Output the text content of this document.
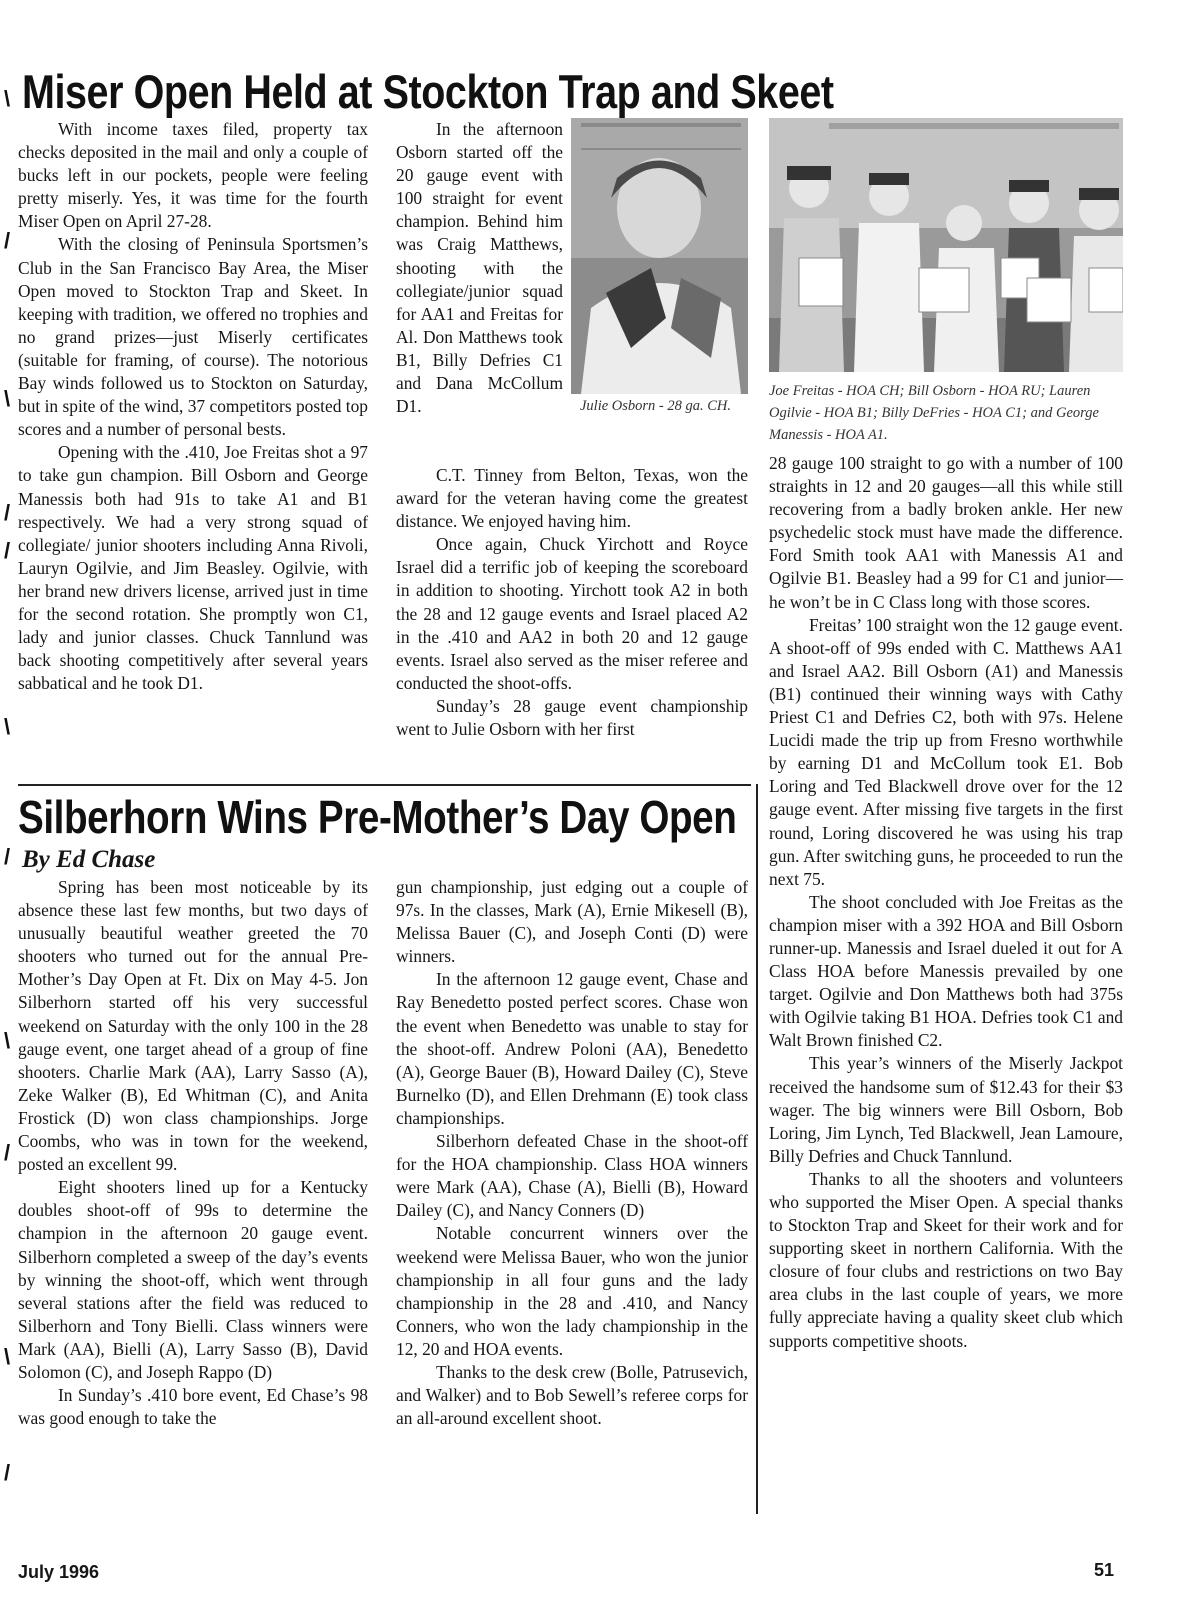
Miser Open Held at Stockton Trap and Skeet

With income taxes filed, property tax checks deposited in the mail and only a couple of bucks left in our pockets, people were feeling pretty miserly. Yes, it was time for the fourth Miser Open on April 27-28.

With the closing of Peninsula Sportsmen’s Club in the San Francisco Bay Area, the Miser Open moved to Stockton Trap and Skeet. In keeping with tradition, we offered no trophies and no grand prizes—just Miserly certificates (suitable for framing, of course). The notorious Bay winds followed us to Stockton on Saturday, but in spite of the wind, 37 competitors posted top scores and a number of personal bests.

Opening with the .410, Joe Freitas shot a 97 to take gun champion. Bill Osborn and George Manessis both had 91s to take A1 and B1 respectively. We had a very strong squad of collegiate/ junior shooters including Anna Rivoli, Lauryn Ogilvie, and Jim Beasley. Ogilvie, with her brand new drivers license, arrived just in time for the second rotation. She promptly won C1, lady and junior classes. Chuck Tannlund was back shooting competitively after several years sabbatical and he took D1.

In the afternoon Osborn started off the 20 gauge event with 100 straight for event champion. Behind him was Craig Matthews, shooting with the collegiate/junior squad for AA1 and Freitas for Al. Don Matthews took B1, Billy Defries C1 and Dana McCollum D1.	Julie Osborn - 28 ga. CH.

C.T. Tinney from Belton, Texas, won the award for the veteran having come the greatest distance. We enjoyed having him.

Once again, Chuck Yirchott and Royce Israel did a terrific job of keeping the scoreboard in addition to shooting. Yirchott took A2 in both the 28 and 12 gauge events and Israel placed A2 in the .410 and AA2 in both 20 and 12 gauge events. Israel also served as the miser referee and conducted the shoot-offs.

Sunday’s 28 gauge event championship went to Julie Osborn with her first

Joe Freitas - HOA CH; Bill Osborn - HOA RU; Lauren Ogilvie - HOA B1; Billy DeFries - HOA C1; and George Manessis - HOA A1.

28 gauge 100 straight to go with a number of 100 straights in 12 and 20 gauges—all this while still recovering from a badly broken ankle. Her new psychedelic stock must have made the difference. Ford Smith took AA1 with Manessis A1 and Ogilvie B1. Beasley had a 99 for C1 and junior—he won’t be in C Class long with those scores.

Freitas’ 100 straight won the 12 gauge event. A shoot-off of 99s ended with C. Matthews AA1 and Israel AA2. Bill Osborn (A1) and Manessis (B1) continued their winning ways with Cathy Priest C1 and Defries C2, both with 97s. Helene Lucidi made the trip up from Fresno worthwhile by earning D1 and McCollum took E1. Bob Loring and Ted Blackwell drove over for the 12 gauge event. After missing five targets in the first round, Loring discovered he was using his trap gun. After switching guns, he proceeded to run the next 75.

The shoot concluded with Joe Freitas as the champion miser with a 392 HOA and Bill Osborn runner-up. Manessis and Israel dueled it out for A Class HOA before Manessis prevailed by one target. Ogilvie and Don Matthews both had 375s with Ogilvie taking B1 HOA. Defries took C1 and Walt Brown finished C2.

This year’s winners of the Miserly Jackpot received the handsome sum of $12.43 for their $3 wager. The big winners were Bill Osborn, Bob Loring, Jim Lynch, Ted Blackwell, Jean Lamoure, Billy Defries and Chuck Tannlund.

Thanks to all the shooters and volunteers who supported the Miser Open. A special thanks to Stockton Trap and Skeet for their work and for supporting skeet in northern California. With the closure of four clubs and restrictions on two Bay area clubs in the last couple of years, we more fully appreciate having a quality skeet club which supports competitive shoots.

Silberhorn Wins Pre-Mother’s Day Open
By Ed Chase

Spring has been most noticeable by its absence these last few months, but two days of unusually beautiful weather greeted the 70 shooters who turned out for the annual Pre-Mother’s Day Open at Ft. Dix on May 4-5. Jon Silberhorn started off his very successful weekend on Saturday with the only 100 in the 28 gauge event, one target ahead of a group of fine shooters. Charlie Mark (AA), Larry Sasso (A), Zeke Walker (B), Ed Whitman (C), and Anita Frostick (D) won class championships. Jorge Coombs, who was in town for the weekend, posted an excellent 99.

Eight shooters lined up for a Kentucky doubles shoot-off of 99s to determine the champion in the afternoon 20 gauge event. Silberhorn completed a sweep of the day’s events by winning the shoot-off, which went through several stations after the field was reduced to Silberhorn and Tony Bielli. Class winners were Mark (AA), Bielli (A), Larry Sasso (B), David Solomon (C), and Joseph Rappo (D)

In Sunday’s .410 bore event, Ed Chase’s 98 was good enough to take the

gun championship, just edging out a couple of 97s. In the classes, Mark (A), Ernie Mikesell (B), Melissa Bauer (C), and Joseph Conti (D) were winners.

In the afternoon 12 gauge event, Chase and Ray Benedetto posted perfect scores. Chase won the event when Benedetto was unable to stay for the shoot-off. Andrew Poloni (AA), Benedetto (A), George Bauer (B), Howard Dailey (C), Steve Burnelko (D), and Ellen Drehmann (E) took class championships.

Silberhorn defeated Chase in the shoot-off for the HOA championship. Class HOA winners were Mark (AA), Chase (A), Bielli (B), Howard Dailey (C), and Nancy Conners (D)

Notable concurrent winners over the weekend were Melissa Bauer, who won the junior championship in all four guns and the lady championship in the 28 and .410, and Nancy Conners, who won the lady championship in the 12, 20 and HOA events.

Thanks to the desk crew (Bolle, Patrusevich, and Walker) and to Bob Sewell’s referee corps for an all-around excellent shoot.

\
/
\
/
/
\
/
\
/
\
/
July 1996	51
